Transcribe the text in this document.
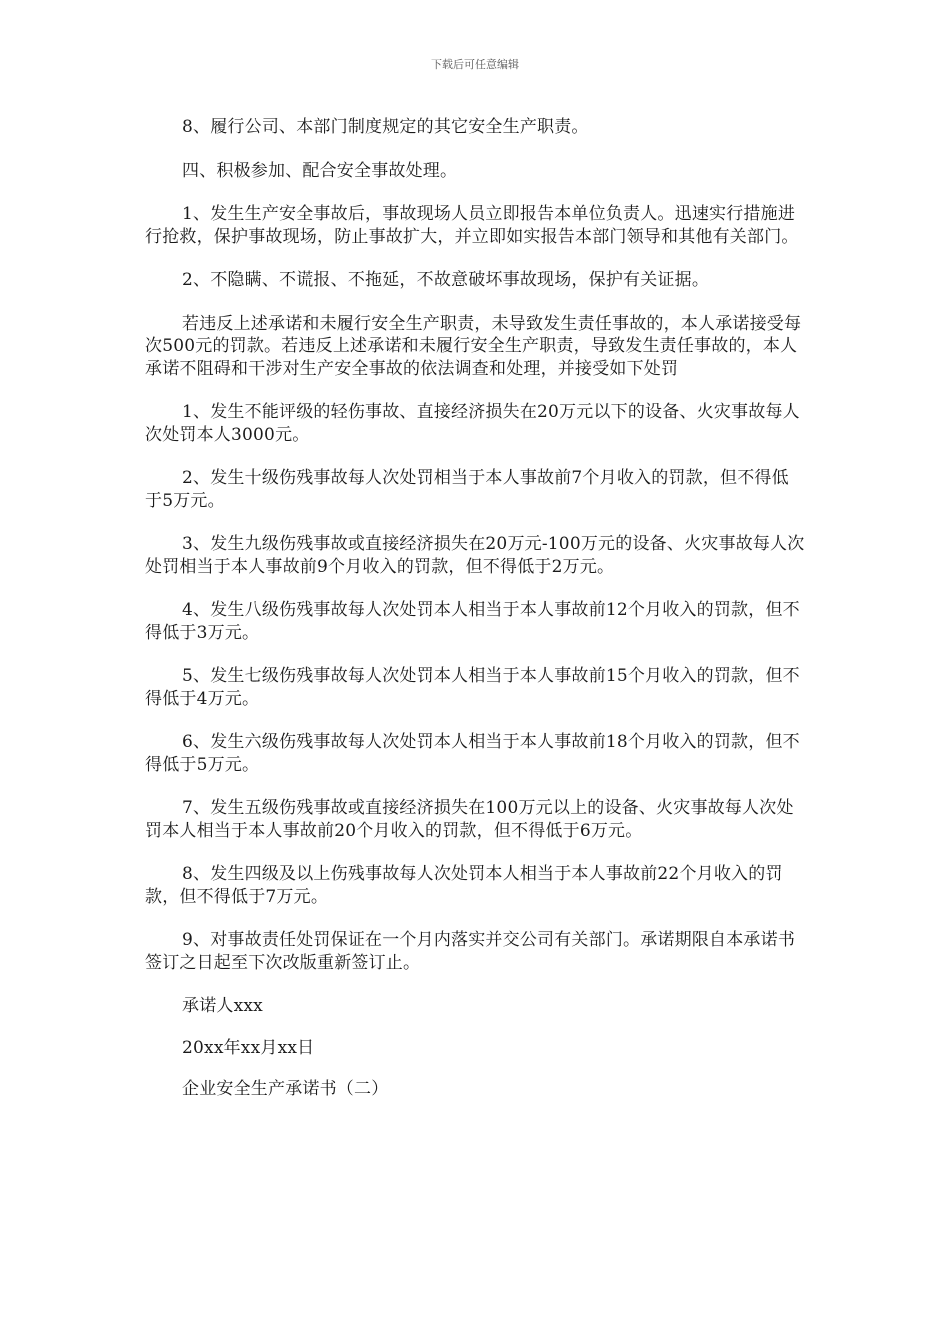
下载后可任意编辑

8、履行公司、本部门制度规定的其它安全生产职责。

四、积极参加、配合安全事故处理。

1、发生生产安全事故后，事故现场人员立即报告本单位负责人。迅速实行措施进行抢救，保护事故现场，防止事故扩大，并立即如实报告本部门领导和其他有关部门。

2、不隐瞒、不谎报、不拖延，不故意破坏事故现场，保护有关证据。

若违反上述承诺和未履行安全生产职责，未导致发生责任事故的，本人承诺接受每次500元的罚款。若违反上述承诺和未履行安全生产职责，导致发生责任事故的，本人承诺不阻碍和干涉对生产安全事故的依法调查和处理，并接受如下处罚

1、发生不能评级的轻伤事故、直接经济损失在20万元以下的设备、火灾事故每人次处罚本人3000元。

2、发生十级伤残事故每人次处罚相当于本人事故前7个月收入的罚款，但不得低于5万元。

3、发生九级伤残事故或直接经济损失在20万元-100万元的设备、火灾事故每人次处罚相当于本人事故前9个月收入的罚款，但不得低于2万元。

4、发生八级伤残事故每人次处罚本人相当于本人事故前12个月收入的罚款，但不得低于3万元。

5、发生七级伤残事故每人次处罚本人相当于本人事故前15个月收入的罚款，但不得低于4万元。

6、发生六级伤残事故每人次处罚本人相当于本人事故前18个月收入的罚款，但不得低于5万元。

7、发生五级伤残事故或直接经济损失在100万元以上的设备、火灾事故每人次处罚本人相当于本人事故前20个月收入的罚款，但不得低于6万元。

8、发生四级及以上伤残事故每人次处罚本人相当于本人事故前22个月收入的罚款，但不得低于7万元。

9、对事故责任处罚保证在一个月内落实并交公司有关部门。承诺期限自本承诺书签订之日起至下次改版重新签订止。

承诺人xxx

20xx年xx月xx日

企业安全生产承诺书（二）
